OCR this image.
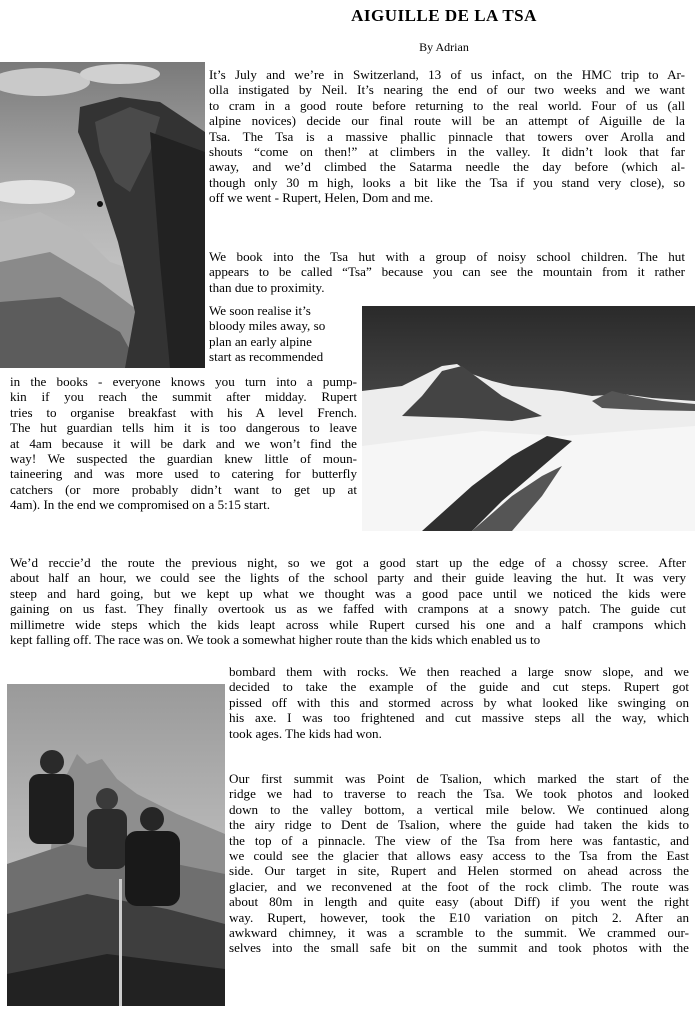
AIGUILLE DE LA TSA
By Adrian
It’s July and we’re in Switzerland, 13 of us infact, on the HMC trip to Ar-
olla instigated by Neil. It’s nearing the end of our two weeks and we want
to cram in a good route before returning to the real world. Four of us (all
alpine novices) decide our final route will be an attempt of Aiguille de la
Tsa. The Tsa is a massive phallic pinnacle that towers over Arolla and
shouts “come on then!” at climbers in the valley. It didn’t look that far
away, and we’d climbed the Satarma needle the day before (which al-
though only 30 m high, looks a bit like the Tsa if you stand very close), so
off we went - Rupert, Helen, Dom and me.
We book into the Tsa hut with a group of noisy school children. The hut
appears to be called “Tsa” because you can see the mountain from it rather
than due to proximity.
We soon realise it’s
bloody miles away, so
plan an early alpine
start as recommended
in the books - everyone knows you turn into a pump-
kin if you reach the summit after midday. Rupert
tries to organise breakfast with his A level French.
The hut guardian tells him it is too dangerous to leave
at 4am because it will be dark and we won’t find the
way! We suspected the guardian knew little of moun-
taineering and was more used to catering for butterfly
catchers (or more probably didn’t want to get up at
4am). In the end we compromised on a 5:15 start.
We’d reccie’d the route the previous night, so we got a good start up the edge of a chossy scree. After
about half an hour, we could see the lights of the school party and their guide leaving the hut. It was very
steep and hard going, but we kept up what we thought was a good pace until we noticed the kids were
gaining on us fast. They finally overtook us as we faffed with crampons at a snowy patch. The guide cut
millimetre wide steps which the kids leapt across while Rupert cursed his one and a half crampons which
kept falling off. The race was on. We took a somewhat higher route than the kids which enabled us to
bombard them with rocks. We then reached a large snow slope, and we
decided to take the example of the guide and cut steps. Rupert got
pissed off with this and stormed across by what looked like swinging on
his axe. I was too frightened and cut massive steps all the way, which
took ages. The kids had won.
Our first summit was Point de Tsalion, which marked the start of the
ridge we had to traverse to reach the Tsa. We took photos and looked
down to the valley bottom, a vertical mile below. We continued along
the airy ridge to Dent de Tsalion, where the guide had taken the kids to
the top of a pinnacle. The view of the Tsa from here was fantastic, and
we could see the glacier that allows easy access to the Tsa from the East
side. Our target in site, Rupert and Helen stormed on ahead across the
glacier, and we reconvened at the foot of the rock climb. The route was
about 80m in length and quite easy (about Diff) if you went the right
way. Rupert, however, took the E10 variation on pitch 2. After an
awkward chimney, it was a scramble to the summit. We crammed our-
selves into the small safe bit on the summit and took photos with the
